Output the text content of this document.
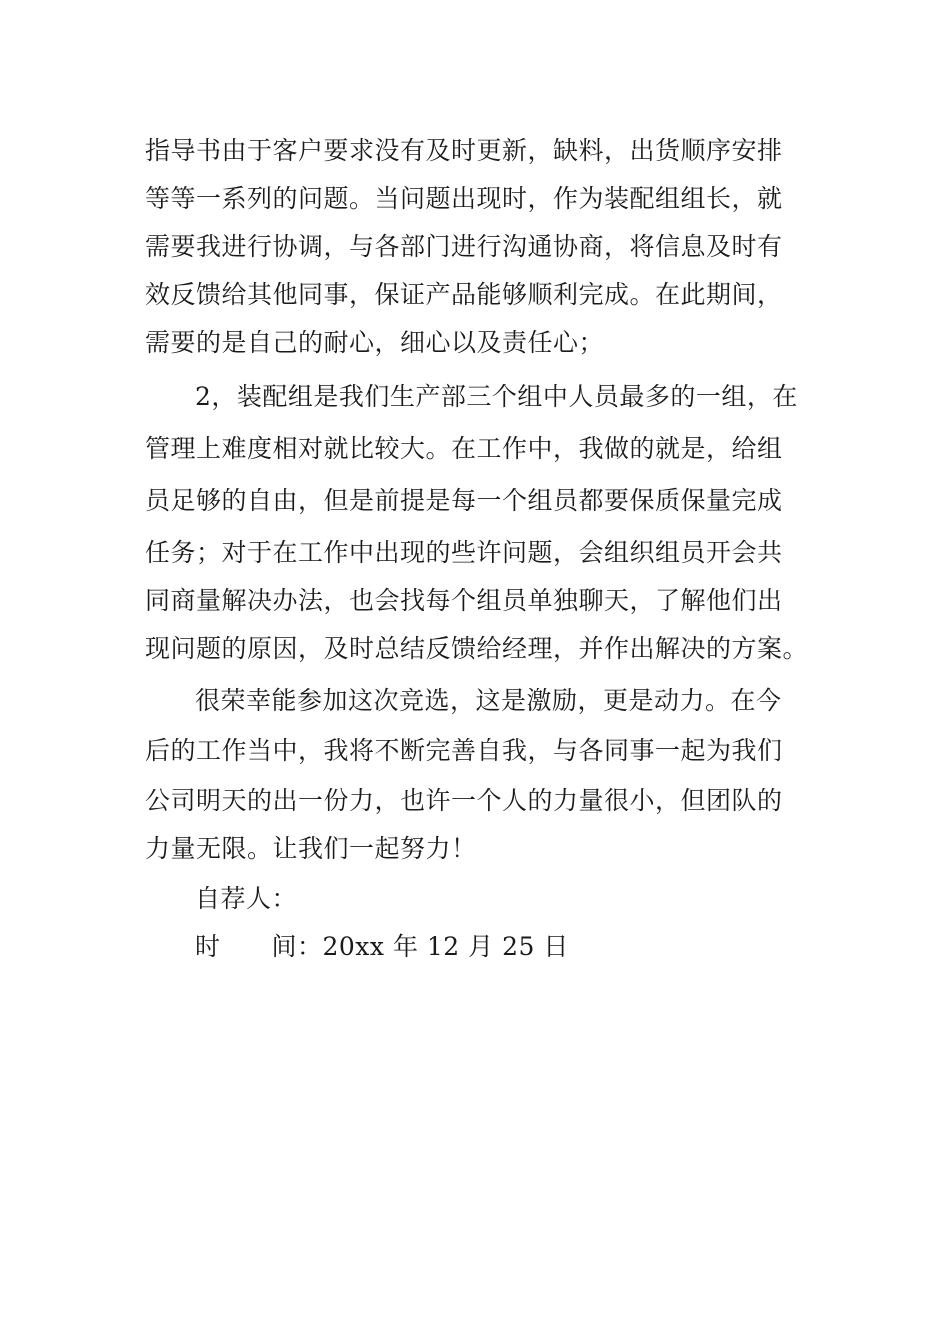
指导书由于客户要求没有及时更新，缺料，出货顺序安排
等等一系列的问题。当问题出现时，作为装配组组长，就
需要我进行协调，与各部门进行沟通协商，将信息及时有
效反馈给其他同事，保证产品能够顺利完成。在此期间，
需要的是自己的耐心，细心以及责任心；
2，装配组是我们生产部三个组中人员最多的一组，在
管理上难度相对就比较大。在工作中，我做的就是，给组
员足够的自由，但是前提是每一个组员都要保质保量完成
任务；对于在工作中出现的些许问题，会组织组员开会共
同商量解决办法，也会找每个组员单独聊天，了解他们出
现问题的原因，及时总结反馈给经理，并作出解决的方案。
很荣幸能参加这次竞选，这是激励，更是动力。在今
后的工作当中，我将不断完善自我，与各同事一起为我们
公司明天的出一份力，也许一个人的力量很小，但团队的
力量无限。让我们一起努力！
自荐人：
时　　间：20xx 年 12 月 25 日
